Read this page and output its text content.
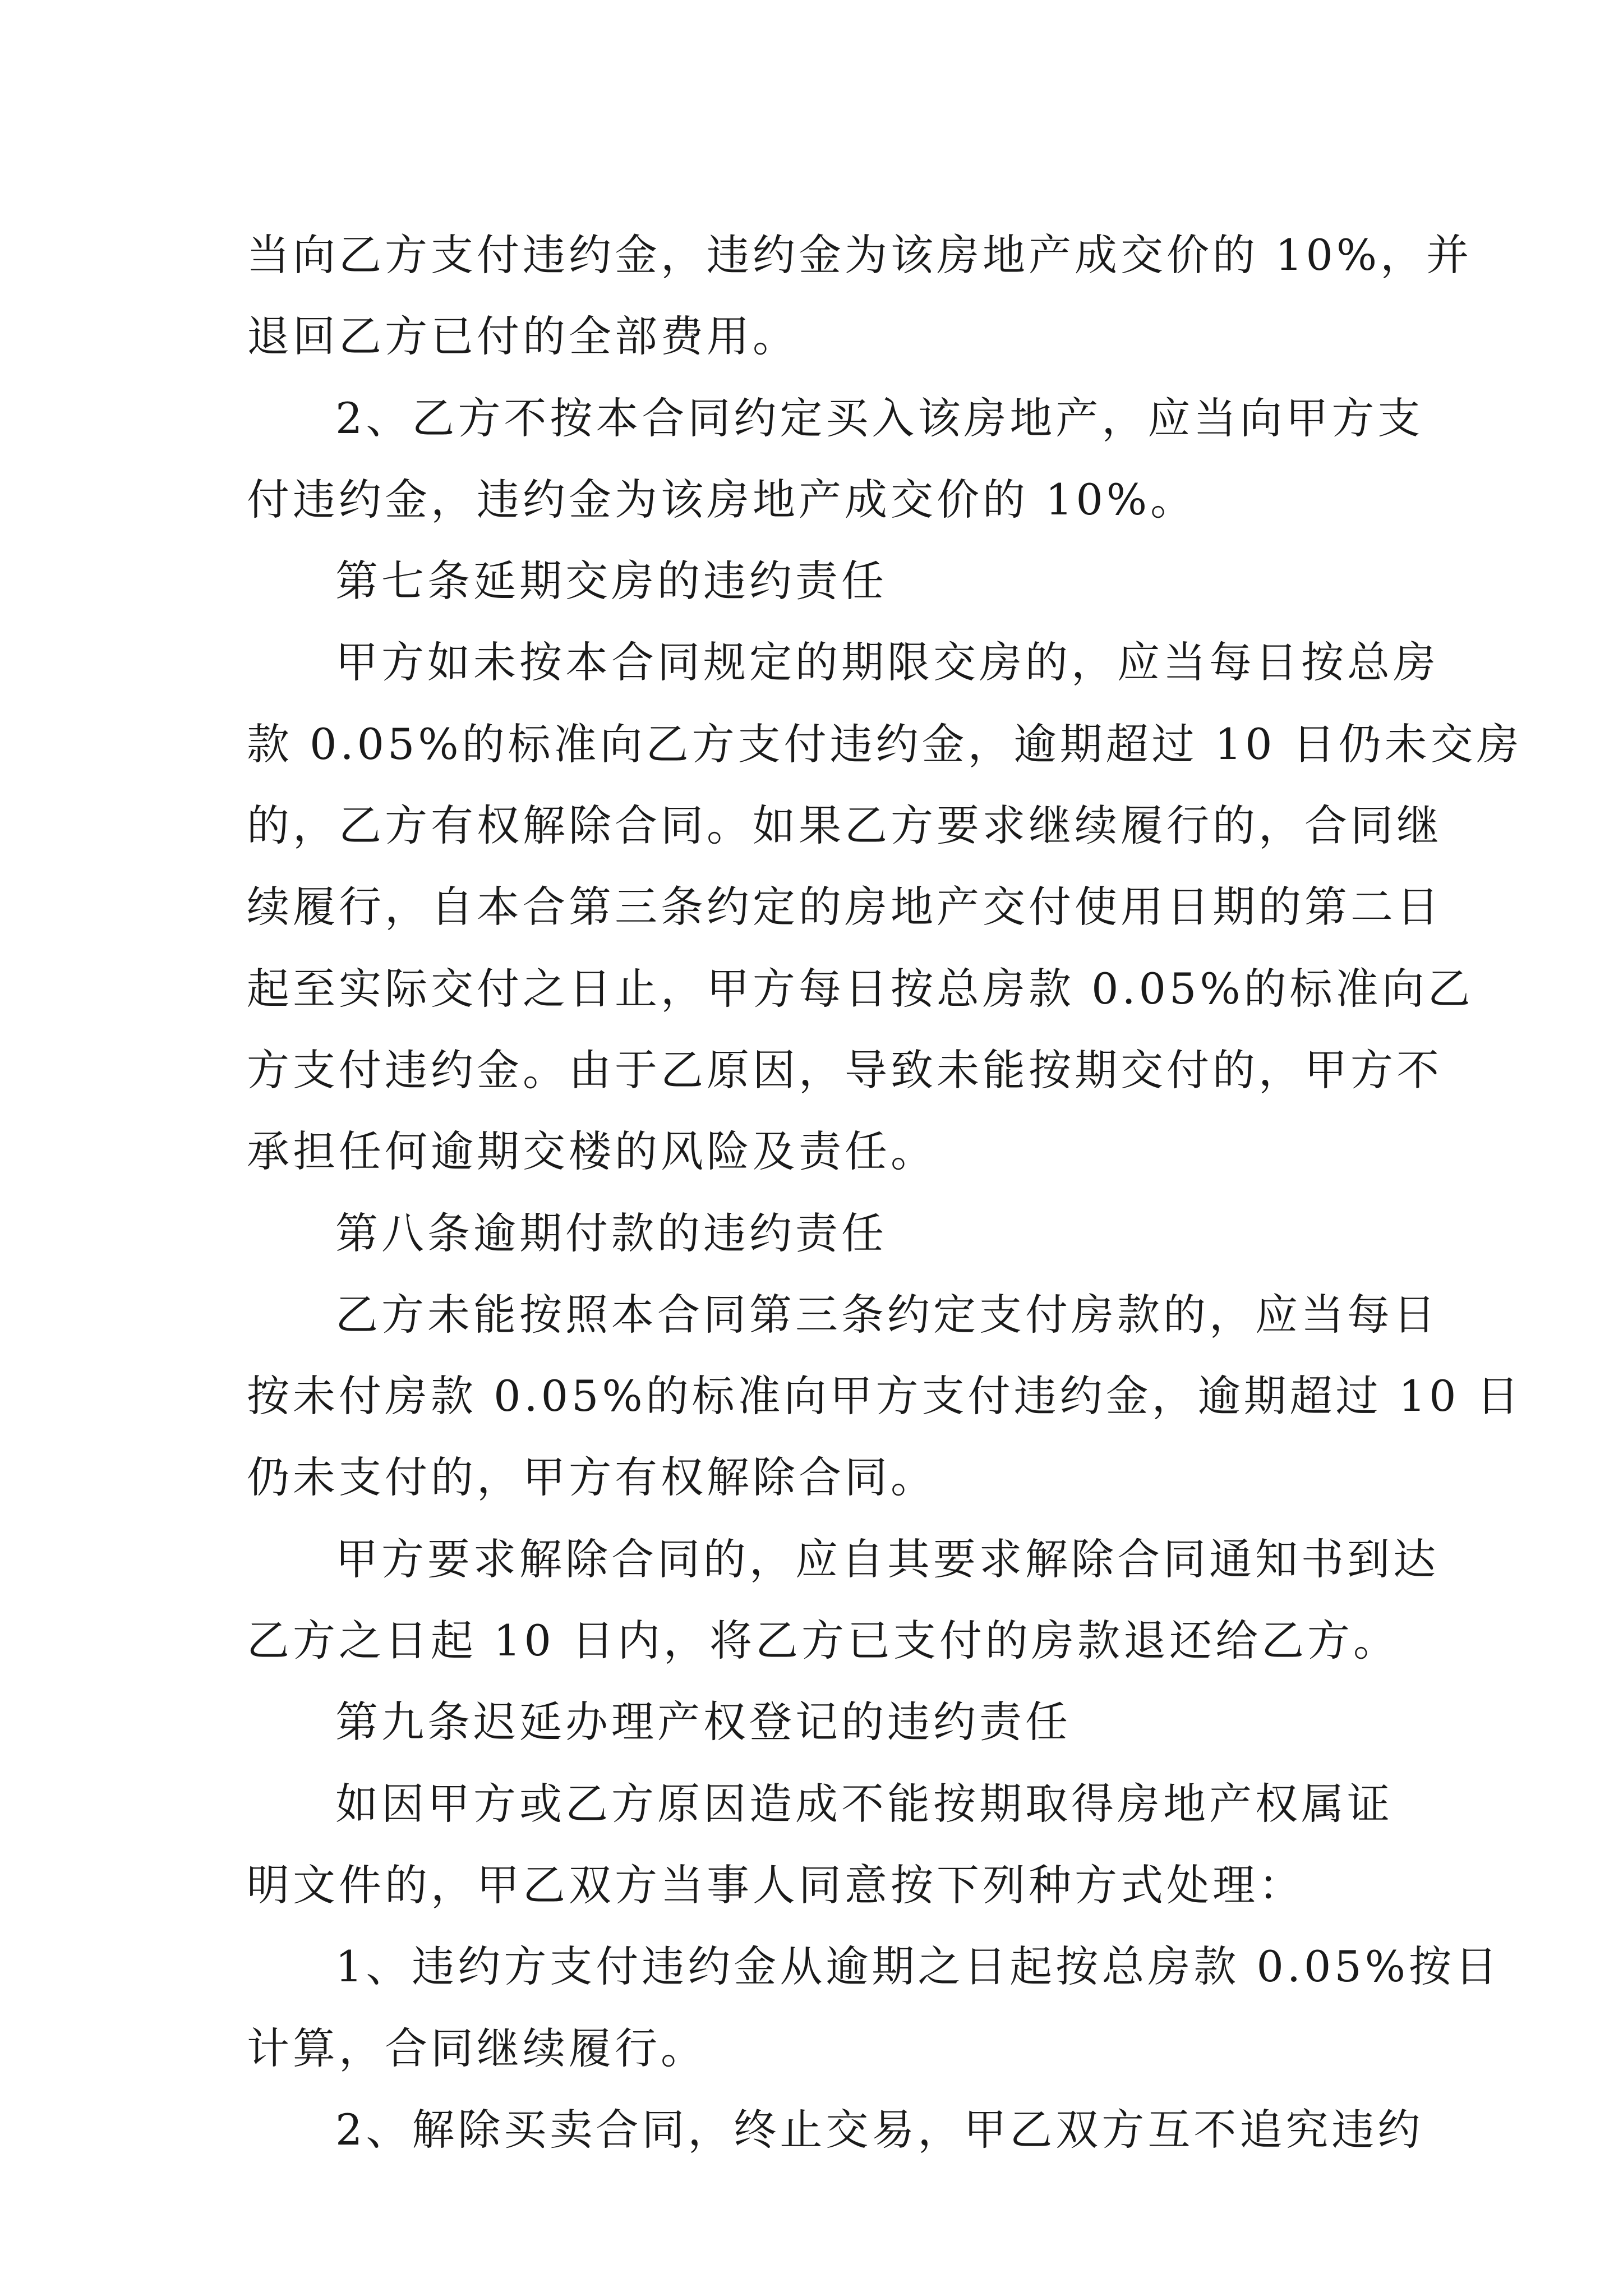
当向乙方支付违约金，违约金为该房地产成交价的 10%，并
退回乙方已付的全部费用。
2、乙方不按本合同约定买入该房地产，应当向甲方支
付违约金，违约金为该房地产成交价的 10%。
第七条延期交房的违约责任
甲方如未按本合同规定的期限交房的，应当每日按总房
款 0.05%的标准向乙方支付违约金，逾期超过 10 日仍未交房
的，乙方有权解除合同。如果乙方要求继续履行的，合同继
续履行，自本合第三条约定的房地产交付使用日期的第二日
起至实际交付之日止，甲方每日按总房款 0.05%的标准向乙
方支付违约金。由于乙原因，导致未能按期交付的，甲方不
承担任何逾期交楼的风险及责任。
第八条逾期付款的违约责任
乙方未能按照本合同第三条约定支付房款的，应当每日
按未付房款 0.05%的标准向甲方支付违约金，逾期超过 10 日
仍未支付的，甲方有权解除合同。
甲方要求解除合同的，应自其要求解除合同通知书到达
乙方之日起 10 日内，将乙方已支付的房款退还给乙方。
第九条迟延办理产权登记的违约责任
如因甲方或乙方原因造成不能按期取得房地产权属证
明文件的，甲乙双方当事人同意按下列种方式处理：
1、违约方支付违约金从逾期之日起按总房款 0.05%按日
计算，合同继续履行。
2、解除买卖合同，终止交易，甲乙双方互不追究违约
